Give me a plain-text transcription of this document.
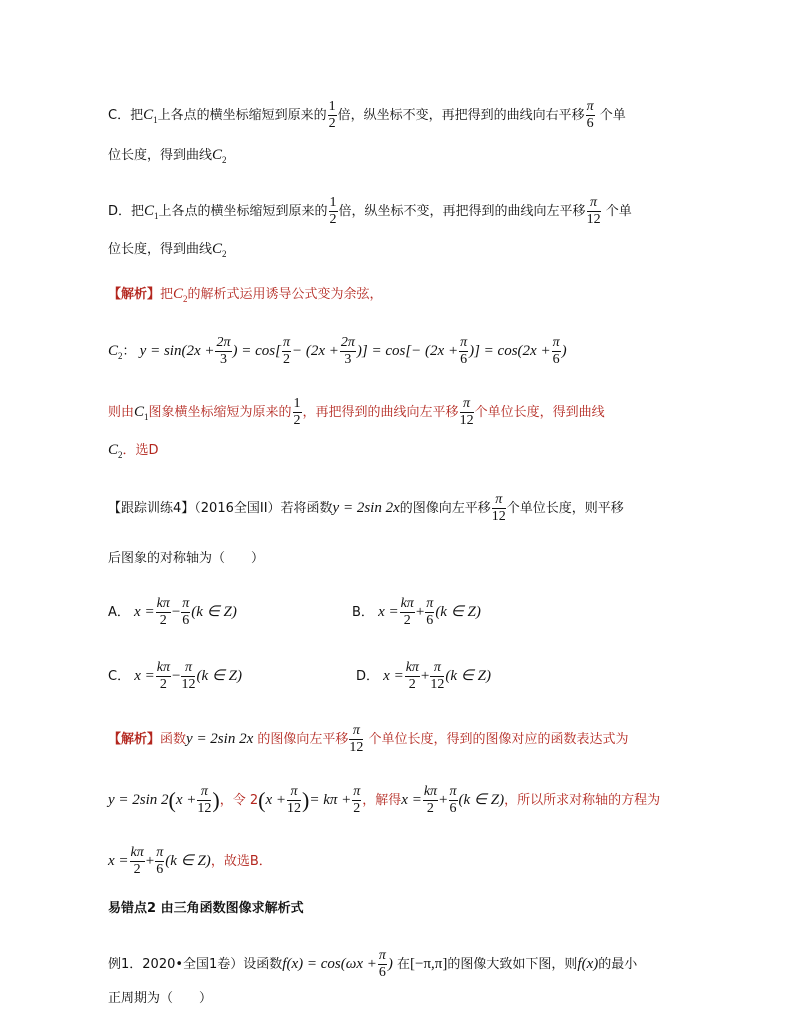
C．把$C_1$上各点的横坐标缩短到原来的 $\frac{1}{2}$ 倍，纵坐标不变，再把得到的曲线向右平移 $\frac{\pi}{6}$ 个单
位长度，得到曲线$C_2$
D．把$C_1$上各点的横坐标缩短到原来的 $\frac{1}{2}$ 倍，纵坐标不变，再把得到的曲线向左平移 $\frac{\pi}{12}$ 个单
位长度，得到曲线$C_2$
【解析】把$C_2$的解析式运用诱导公式变为余弦，
$C_2$： $y = \sin(2x + \frac{2\pi}{3}$ ) = $\cos[ \frac{\pi}{2} - (2x + \frac{2\pi}{3}$ )] = $\cos[- (2x + \frac{\pi}{6}$ )] = $\cos(2x + \frac{\pi}{6}$ )
则由$C_1$图象横坐标缩短为原来的 $\frac{1}{2}$ ，再把得到的曲线向左平移 $\frac{\pi}{12}$ 个单位长度，得到曲线
$C_2$．选D
【跟踪训练4】（2016全国II）若将函数y = 2sin 2x的图像向左平移 $\frac{\pi}{12}$ 个单位长度，则平移
后图象的对称轴为（　　）
A． $x = \frac{k\pi}{2} - \frac{\pi}{6} (k$ ∈ Z)	B． $x = \frac{k\pi}{2} + \frac{\pi}{6} (k$ ∈ Z)
C． $x = \frac{k\pi}{2} - \frac{\pi}{12} (k$ ∈ Z)	D． $x = \frac{k\pi}{2} + \frac{\pi}{12} (k$ ∈ Z)
【解析】函数y = 2sin 2x 的图像向左平移 $\frac{\pi}{12}$ 个单位长度，得到的图像对应的函数表达式为
y = 2sin $2(x + \frac{\pi}{12}$ )，令 $2(x + \frac{\pi}{12}$ )= $k\pi + \frac{\pi}{2}$ ，解得$x = \frac{k\pi}{2} + \frac{\pi}{6} (k$ ∈ Z)，所以所求对称轴的方程为
$x = \frac{k\pi}{2} + \frac{\pi}{6} (k$ ∈ Z)，故选B．
易错点2 由三角函数图像求解析式
例1．2020•全国1卷）设函数$f(x) = \cos(\omega x + \frac{\pi}{6}$ ) 在[−π,π]的图像大致如下图，则f(x)的最小
正周期为（　　）
